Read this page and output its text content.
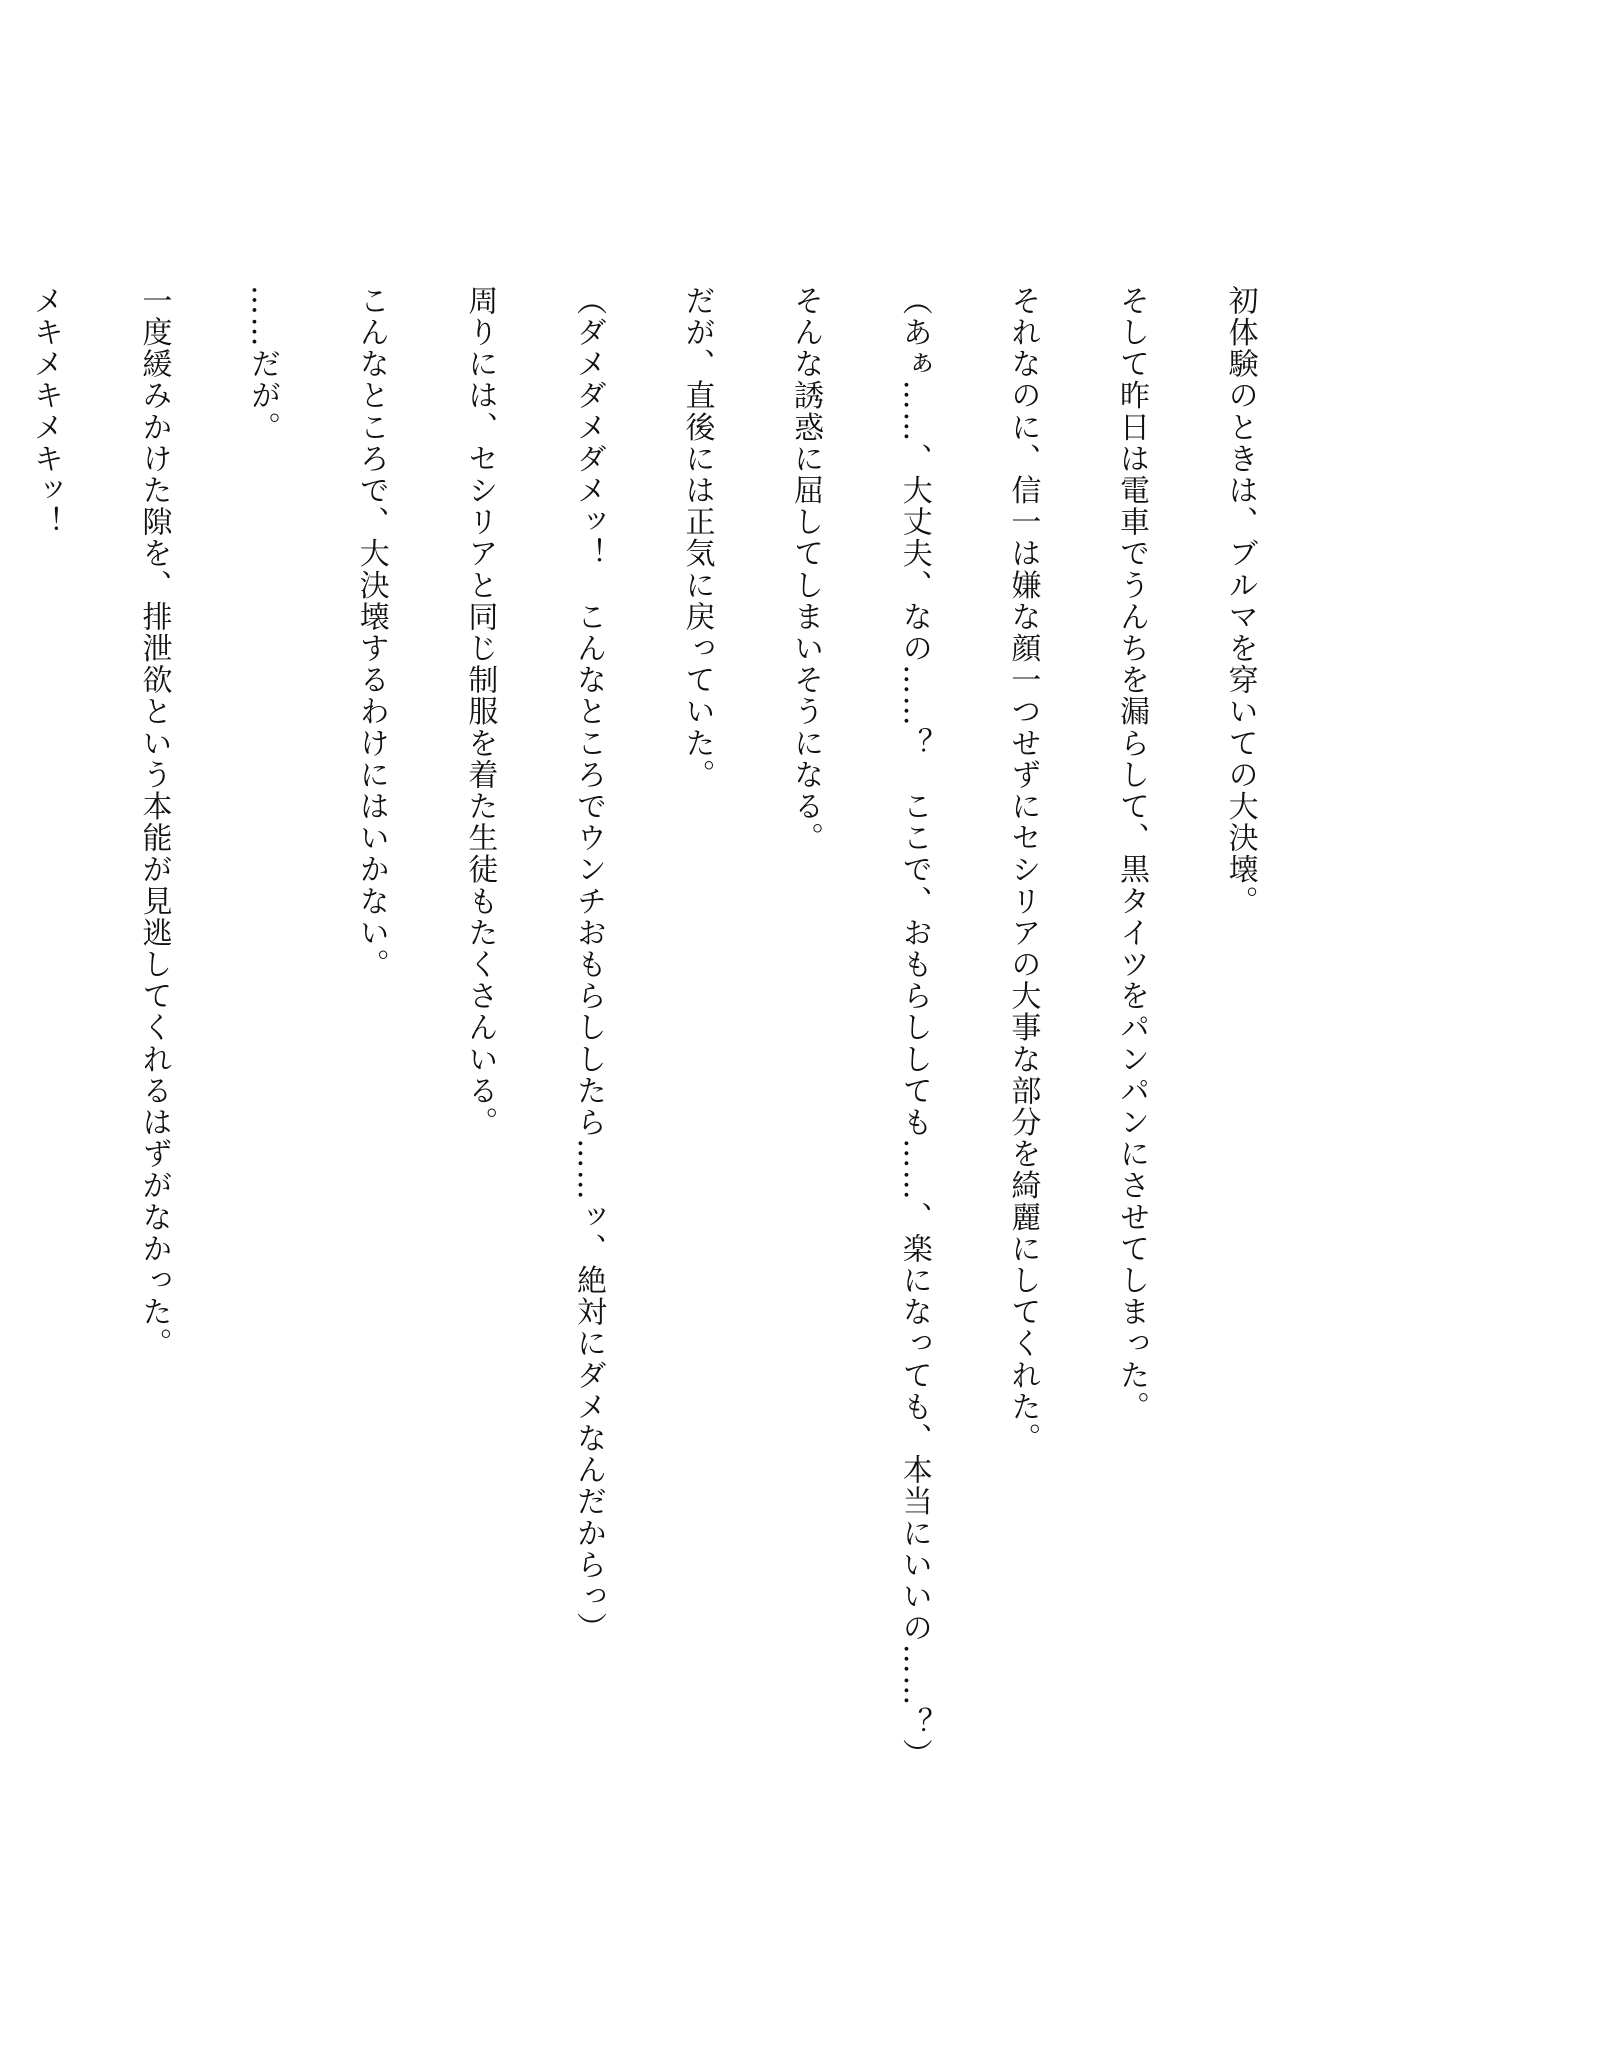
初体験のときは、ブルマを穿いての大決壊。

そして昨日は電車でうんちを漏らして、黒タイツをパンパンにさせてしまった。

それなのに、信一は嫌な顔一つせずにセシリアの大事な部分を綺麗にしてくれた。

（あぁ……、大丈夫、なの……？　ここで、おもらししても……、楽になっても、本当にいいの……？）

そんな誘惑に屈してしまいそうになる。

だが、直後には正気に戻っていた。

（ダメダメダメッ！　こんなところでウンチおもらししたら……ッ、絶対にダメなんだからっ）

周りには、セシリアと同じ制服を着た生徒もたくさんいる。

こんなところで、大決壊するわけにはいかない。

……だが。

一度緩みかけた隙を、排泄欲という本能が見逃してくれるはずがなかった。

メキメキメキッ！
